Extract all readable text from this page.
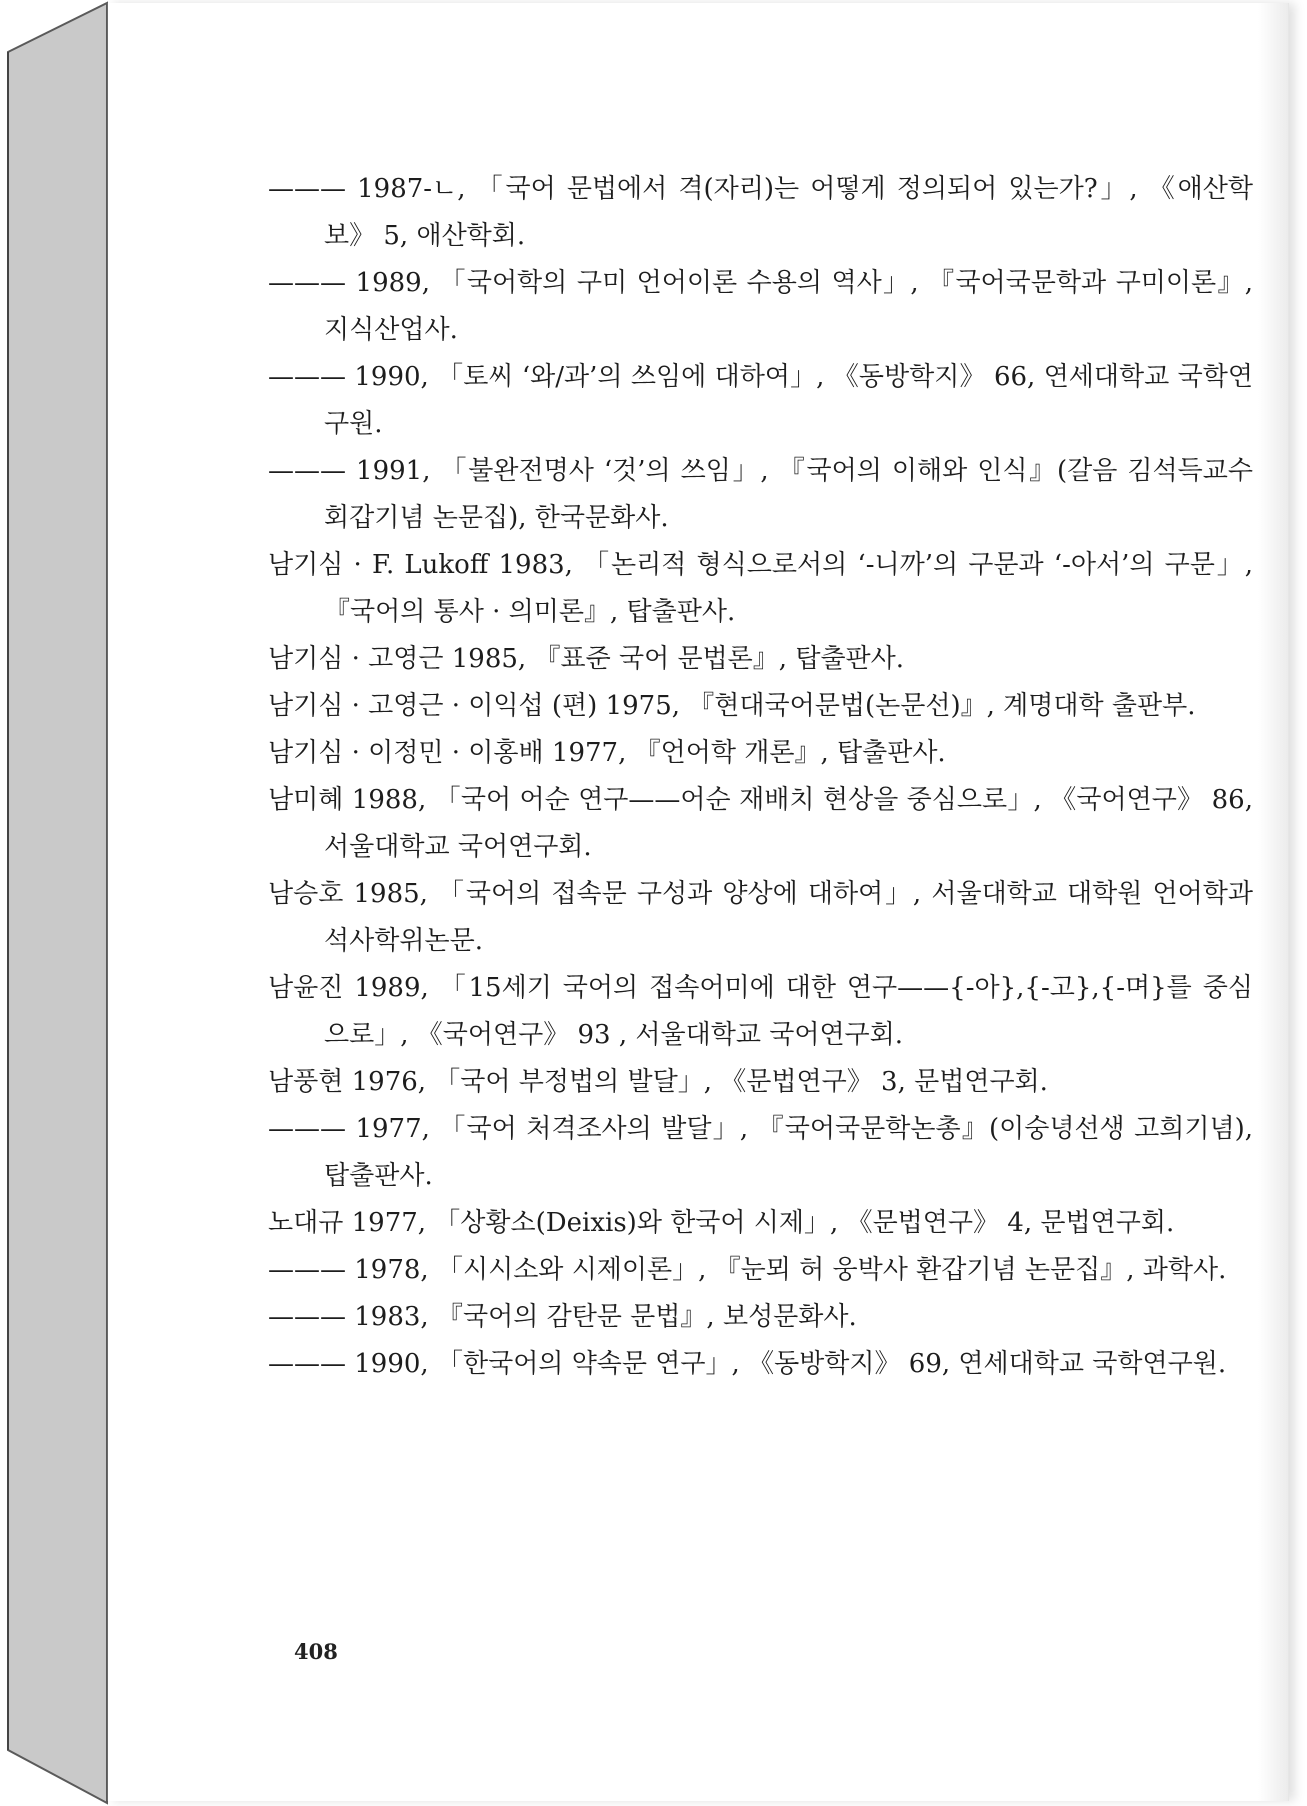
——— 1987-ㄴ, 「국어 문법에서 격(자리)는 어떻게 정의되어 있는가?」, 《애산학보》 5, 애산학회.
——— 1989, 「국어학의 구미 언어이론 수용의 역사」, 『국어국문학과 구미이론』, 지식산업사.
——— 1990, 「토씨 ‘와/과’의 쓰임에 대하여」, 《동방학지》 66, 연세대학교 국학연구원.
——— 1991, 「불완전명사 ‘것’의 쓰임」, 『국어의 이해와 인식』(갈음 김석득교수 회갑기념 논문집), 한국문화사.
남기심 · F. Lukoff 1983, 「논리적 형식으로서의 ‘-니까’의 구문과 ‘-아서’의 구문」, 『국어의 통사 · 의미론』, 탑출판사.
남기심 · 고영근 1985, 『표준 국어 문법론』, 탑출판사.
남기심 · 고영근 · 이익섭 (편) 1975, 『현대국어문법(논문선)』, 계명대학 출판부.
남기심 · 이정민 · 이홍배 1977, 『언어학 개론』, 탑출판사.
남미혜 1988, 「국어 어순 연구——어순 재배치 현상을 중심으로」, 《국어연구》 86, 서울대학교 국어연구회.
남승호 1985, 「국어의 접속문 구성과 양상에 대하여」, 서울대학교 대학원 언어학과 석사학위논문.
남윤진 1989, 「15세기 국어의 접속어미에 대한 연구——{-아},{-고},{-며}를 중심으로」, 《국어연구》 93 , 서울대학교 국어연구회.
남풍현 1976, 「국어 부정법의 발달」, 《문법연구》 3, 문법연구회.
——— 1977, 「국어 처격조사의 발달」, 『국어국문학논총』(이숭녕선생 고희기념), 탑출판사.
노대규 1977, 「상황소(Deixis)와 한국어 시제」, 《문법연구》 4, 문법연구회.
——— 1978, 「시시소와 시제이론」, 『눈뫼 허 웅박사 환갑기념 논문집』, 과학사.
——— 1983, 『국어의 감탄문 문법』, 보성문화사.
——— 1990, 「한국어의 약속문 연구」, 《동방학지》 69, 연세대학교 국학연구원.
408
